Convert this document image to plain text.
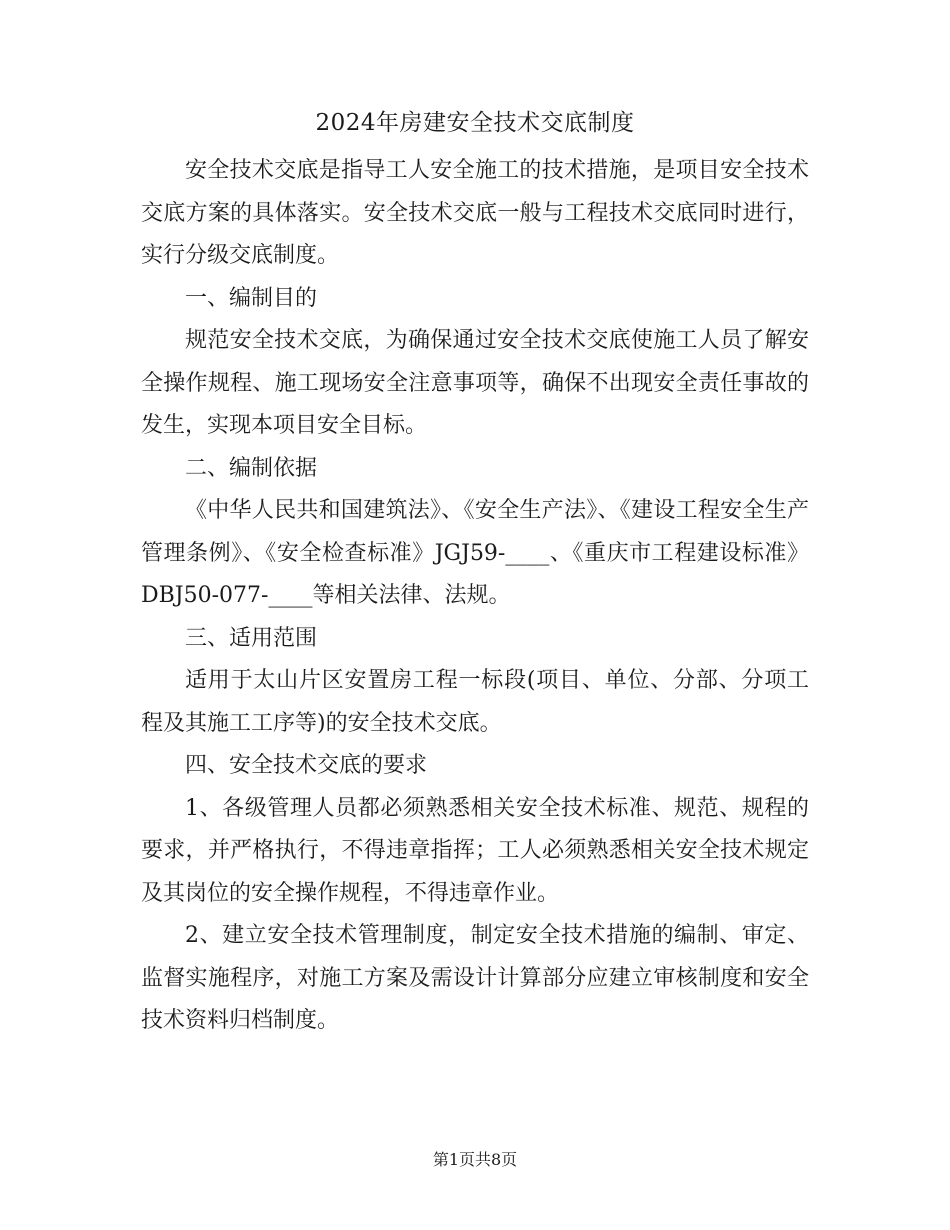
2024年房建安全技术交底制度

安全技术交底是指导工人安全施工的技术措施，是项目安全技术交底方案的具体落实。安全技术交底一般与工程技术交底同时进行，实行分级交底制度。

一、编制目的

规范安全技术交底，为确保通过安全技术交底使施工人员了解安全操作规程、施工现场安全注意事项等，确保不出现安全责任事故的发生，实现本项目安全目标。

二、编制依据

《中华人民共和国建筑法》、《安全生产法》、《建设工程安全生产管理条例》、《安全检查标准》JGJ59-____、《重庆市工程建设标准》DBJ50-077-____等相关法律、法规。

三、适用范围

适用于太山片区安置房工程一标段(项目、单位、分部、分项工程及其施工工序等)的安全技术交底。

四、安全技术交底的要求

1、各级管理人员都必须熟悉相关安全技术标准、规范、规程的要求，并严格执行，不得违章指挥；工人必须熟悉相关安全技术规定及其岗位的安全操作规程，不得违章作业。

2、建立安全技术管理制度，制定安全技术措施的编制、审定、监督实施程序，对施工方案及需设计计算部分应建立审核制度和安全技术资料归档制度。

第1页共8页
